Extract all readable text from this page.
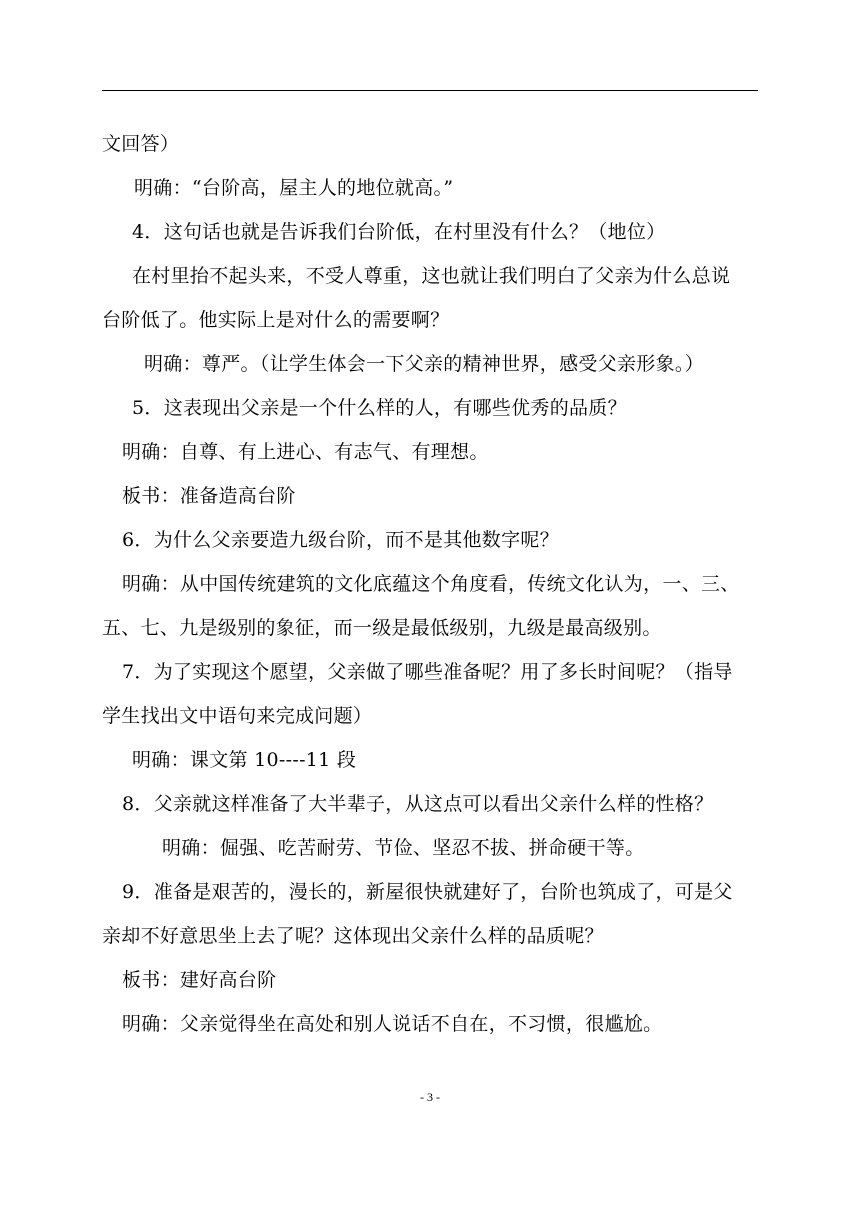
文回答）
明确：“台阶高，屋主人的地位就高。”
4．这句话也就是告诉我们台阶低，在村里没有什么？（地位）
在村里抬不起头来，不受人尊重，这也就让我们明白了父亲为什么总说
台阶低了。他实际上是对什么的需要啊？
明确：尊严。（让学生体会一下父亲的精神世界，感受父亲形象。）
5．这表现出父亲是一个什么样的人，有哪些优秀的品质？
明确：自尊、有上进心、有志气、有理想。
板书：准备造高台阶
6．为什么父亲要造九级台阶，而不是其他数字呢？
明确：从中国传统建筑的文化底蕴这个角度看，传统文化认为，一、三、
五、七、九是级别的象征，而一级是最低级别，九级是最高级别。
7．为了实现这个愿望，父亲做了哪些准备呢？用了多长时间呢？（指导
学生找出文中语句来完成问题）
明确：课文第 10----11 段
8．父亲就这样准备了大半辈子，从这点可以看出父亲什么样的性格？
明确：倔强、吃苦耐劳、节俭、坚忍不拔、拼命硬干等。
9．准备是艰苦的，漫长的，新屋很快就建好了，台阶也筑成了，可是父
亲却不好意思坐上去了呢？这体现出父亲什么样的品质呢？
板书：建好高台阶
明确：父亲觉得坐在高处和别人说话不自在，不习惯，很尴尬。
- 3 -
